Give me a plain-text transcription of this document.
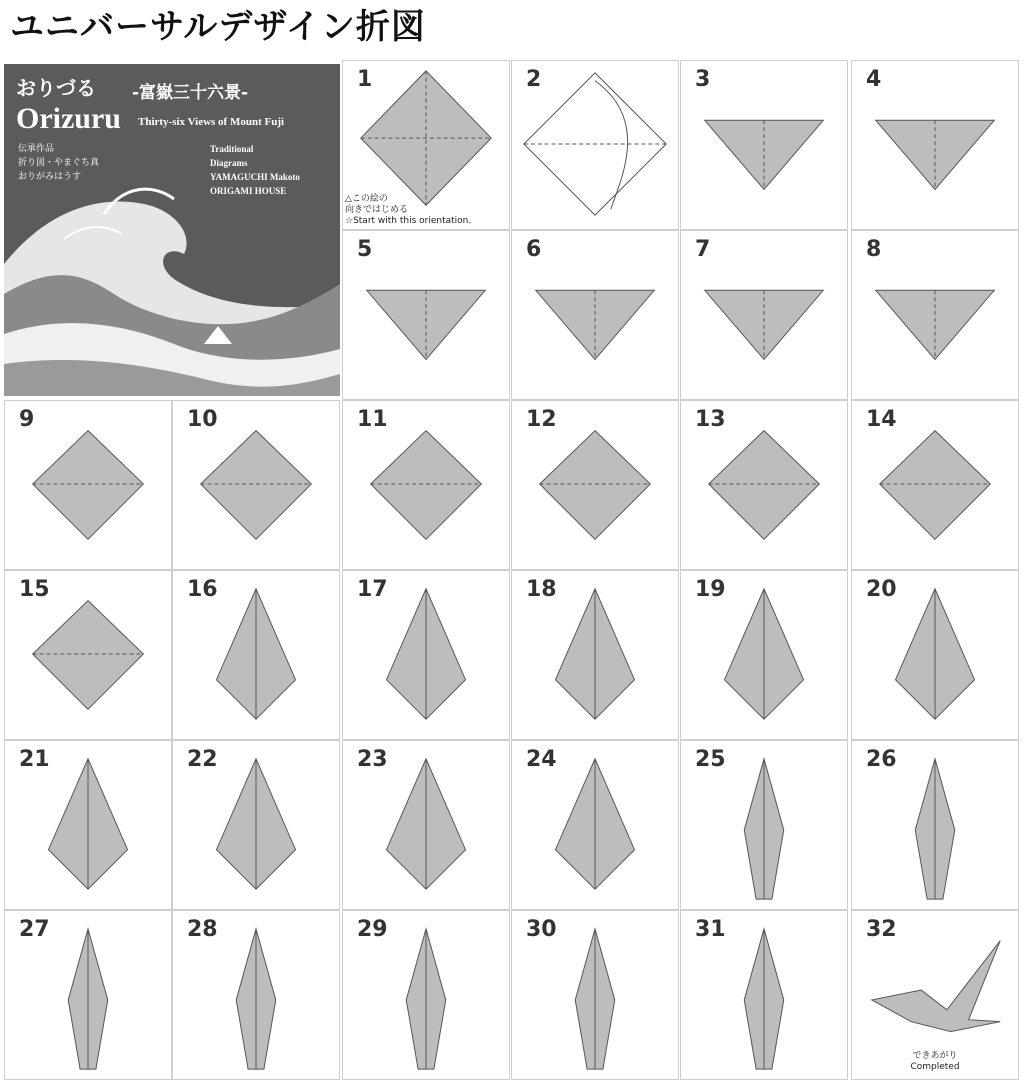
ユニバーサルデザイン折図
おりづる -富嶽三十六景-
Orizuru Thirty-six Views of Mount Fuji
伝承作品
折り図・やまぐち真
おりがみはうす
Traditional
Diagrams
YAMAGUCHI Makoto
ORIGAMI HOUSE
1
△この絵の
向きではじめる
☆Start with this orientation.
2	3	4
5	6	7	8
9	10	11	12	13	14
15	16	17	18	19	20
21	22	23	24	25	26
27	28	29	30	31	32
できあがり
Completed
